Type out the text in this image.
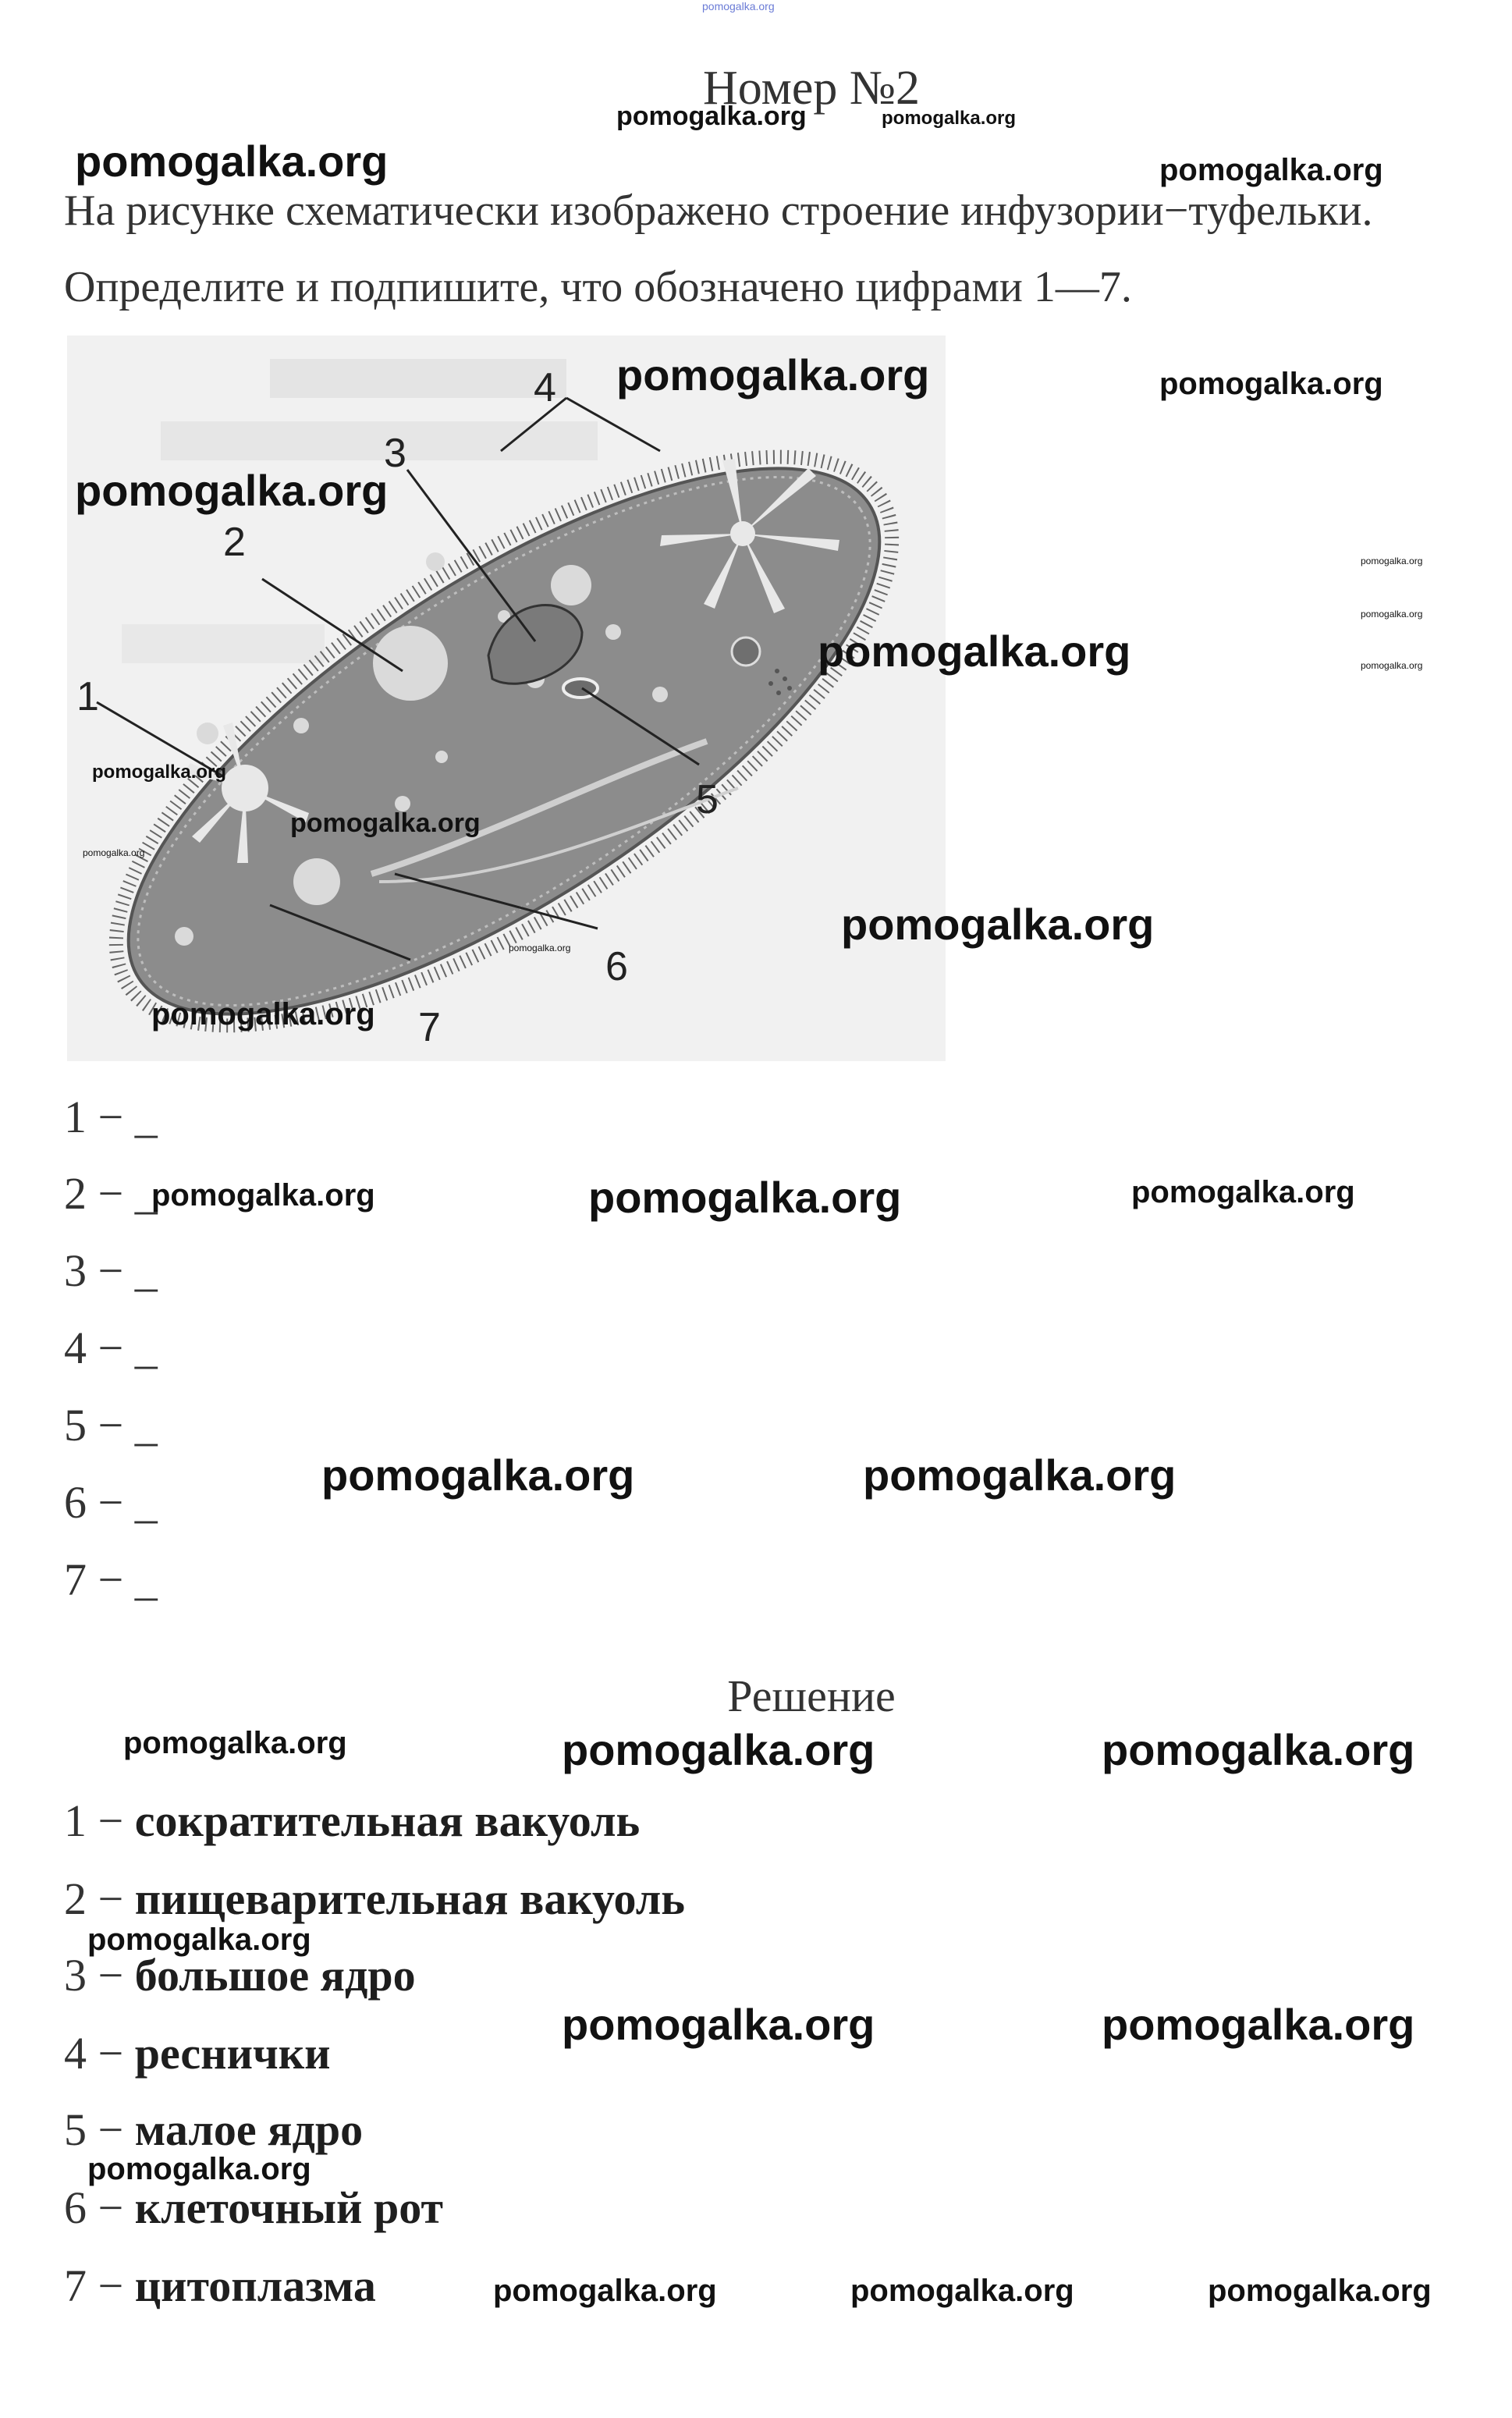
pomogalka.org
Номер №2
На рисунке схематически изображено строение инфузории−туфельки.
Определите и подпишите, что обозначено цифрами 1—7.
1
2
3
4
5
6
7
1 − _
2 − _
3 − _
4 − _
5 − _
6 − _
7 − _
Решение
1 − сократительная вакуоль
2 − пищеварительная вакуоль
3 − большое ядро
4 − реснички
5 − малое ядро
6 − клеточный рот
7 − цитоплазма
pomogalka.org	pomogalka.org
pomogalka.org	pomogalka.org
pomogalka.org	pomogalka.org
pomogalka.org
pomogalka.org
pomogalka.org
pomogalka.org
pomogalka.org
pomogalka.org
pomogalka.org
pomogalka.org
pomogalka.org
pomogalka.org
pomogalka.org
pomogalka.org	pomogalka.org	pomogalka.org
pomogalka.org	pomogalka.org
pomogalka.org	pomogalka.org	pomogalka.org
pomogalka.org
pomogalka.org	pomogalka.org
pomogalka.org
pomogalka.org	pomogalka.org	pomogalka.org
